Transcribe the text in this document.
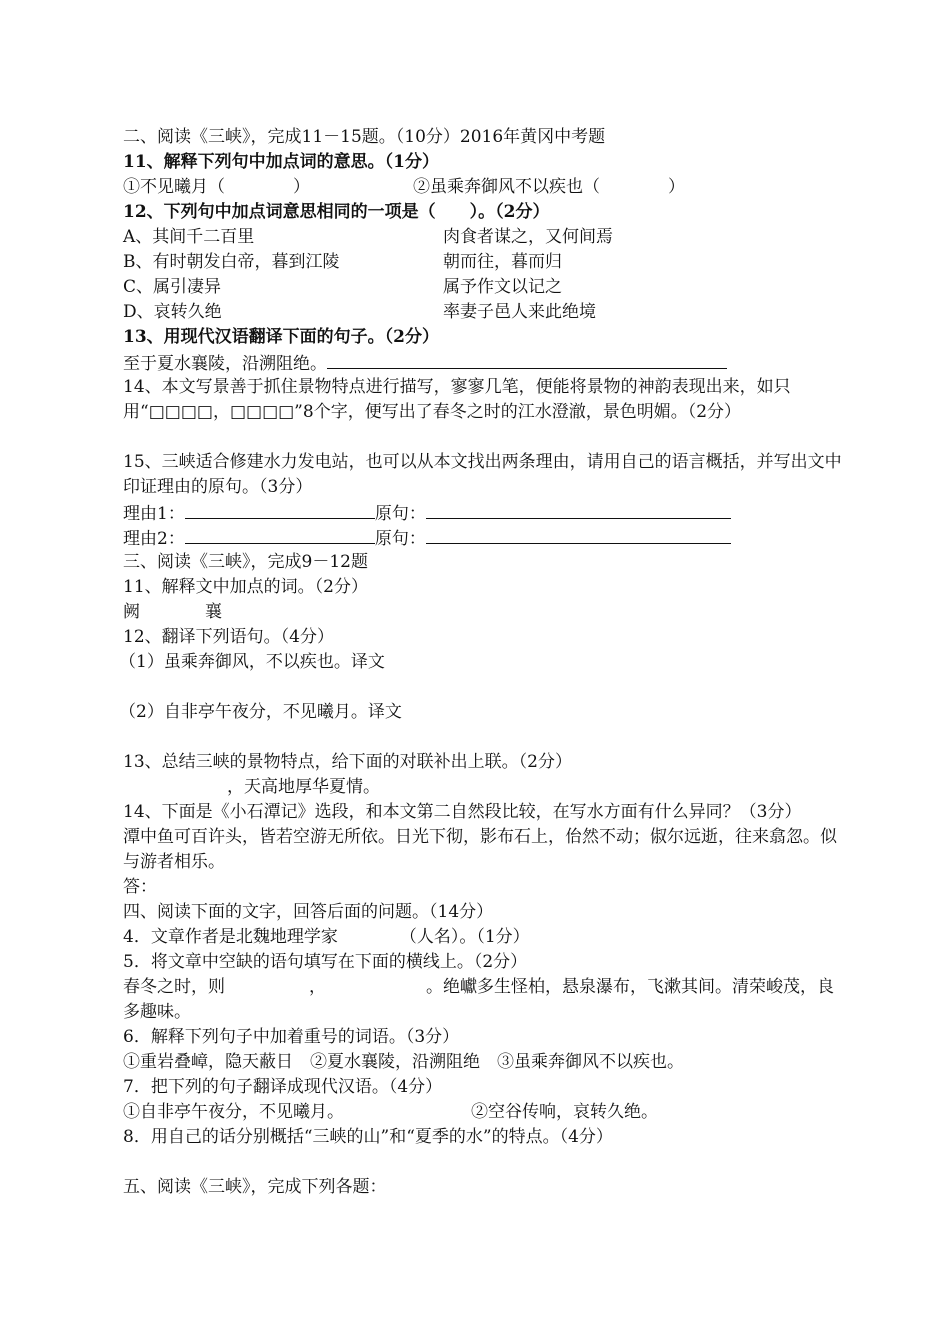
二、阅读《三峡》，完成11－15题。（10分）2016年黄冈中考题
11、解释下列句中加点词的意思。（1分）
①不见曦月（　　　　）	②虽乘奔御风不以疾也（　　　　）
12、下列句中加点词意思相同的一项是（　　）。（2分）
A、其间千二百里	肉食者谋之，又何间焉
B、有时朝发白帝，暮到江陵	朝而往，暮而归
C、属引凄异	属予作文以记之
D、哀转久绝	率妻子邑人来此绝境
13、用现代汉语翻译下面的句子。（2分）
至于夏水襄陵，沿溯阻绝。
14、本文写景善于抓住景物特点进行描写，寥寥几笔，便能将景物的神韵表现出来，如只用“□□□□，□□□□”8个字，便写出了春冬之时的江水澄澈，景色明媚。（2分）
15、三峡适合修建水力发电站，也可以从本文找出两条理由，请用自己的语言概括，并写出文中印证理由的原句。（3分）
理由1：	原句：
理由2：	原句：
三、阅读《三峡》，完成9－12题
11、解释文中加点的词。（2分）
阙	襄
12、翻译下列语句。（4分）
（1）虽乘奔御风，不以疾也。译文
（2）自非亭午夜分，不见曦月。译文
13、总结三峡的景物特点，给下面的对联补出上联。（2分）
，天高地厚华夏情。
14、下面是《小石潭记》选段，和本文第二自然段比较，在写水方面有什么异同？（3分）
潭中鱼可百许头，皆若空游无所依。日光下彻，影布石上，佁然不动；俶尔远逝，往来翕忽。似与游者相乐。
答：
四、阅读下面的文字，回答后面的问题。（14分）
4．文章作者是北魏地理学家	（人名）。（1分）
5．将文章中空缺的语句填写在下面的横线上。（2分）
春冬之时，则	，	。绝巘多生怪柏，悬泉瀑布，飞漱其间。清荣峻茂，良多趣味。
6．解释下列句子中加着重号的词语。（3分）
①重岩叠嶂，隐天蔽日　②夏水襄陵，沿溯阻绝　③虽乘奔御风不以疾也。
7．把下列的句子翻译成现代汉语。（4分）
①自非亭午夜分，不见曦月。	②空谷传响，哀转久绝。
8．用自己的话分别概括“三峡的山”和“夏季的水”的特点。（4分）
五、阅读《三峡》，完成下列各题：
